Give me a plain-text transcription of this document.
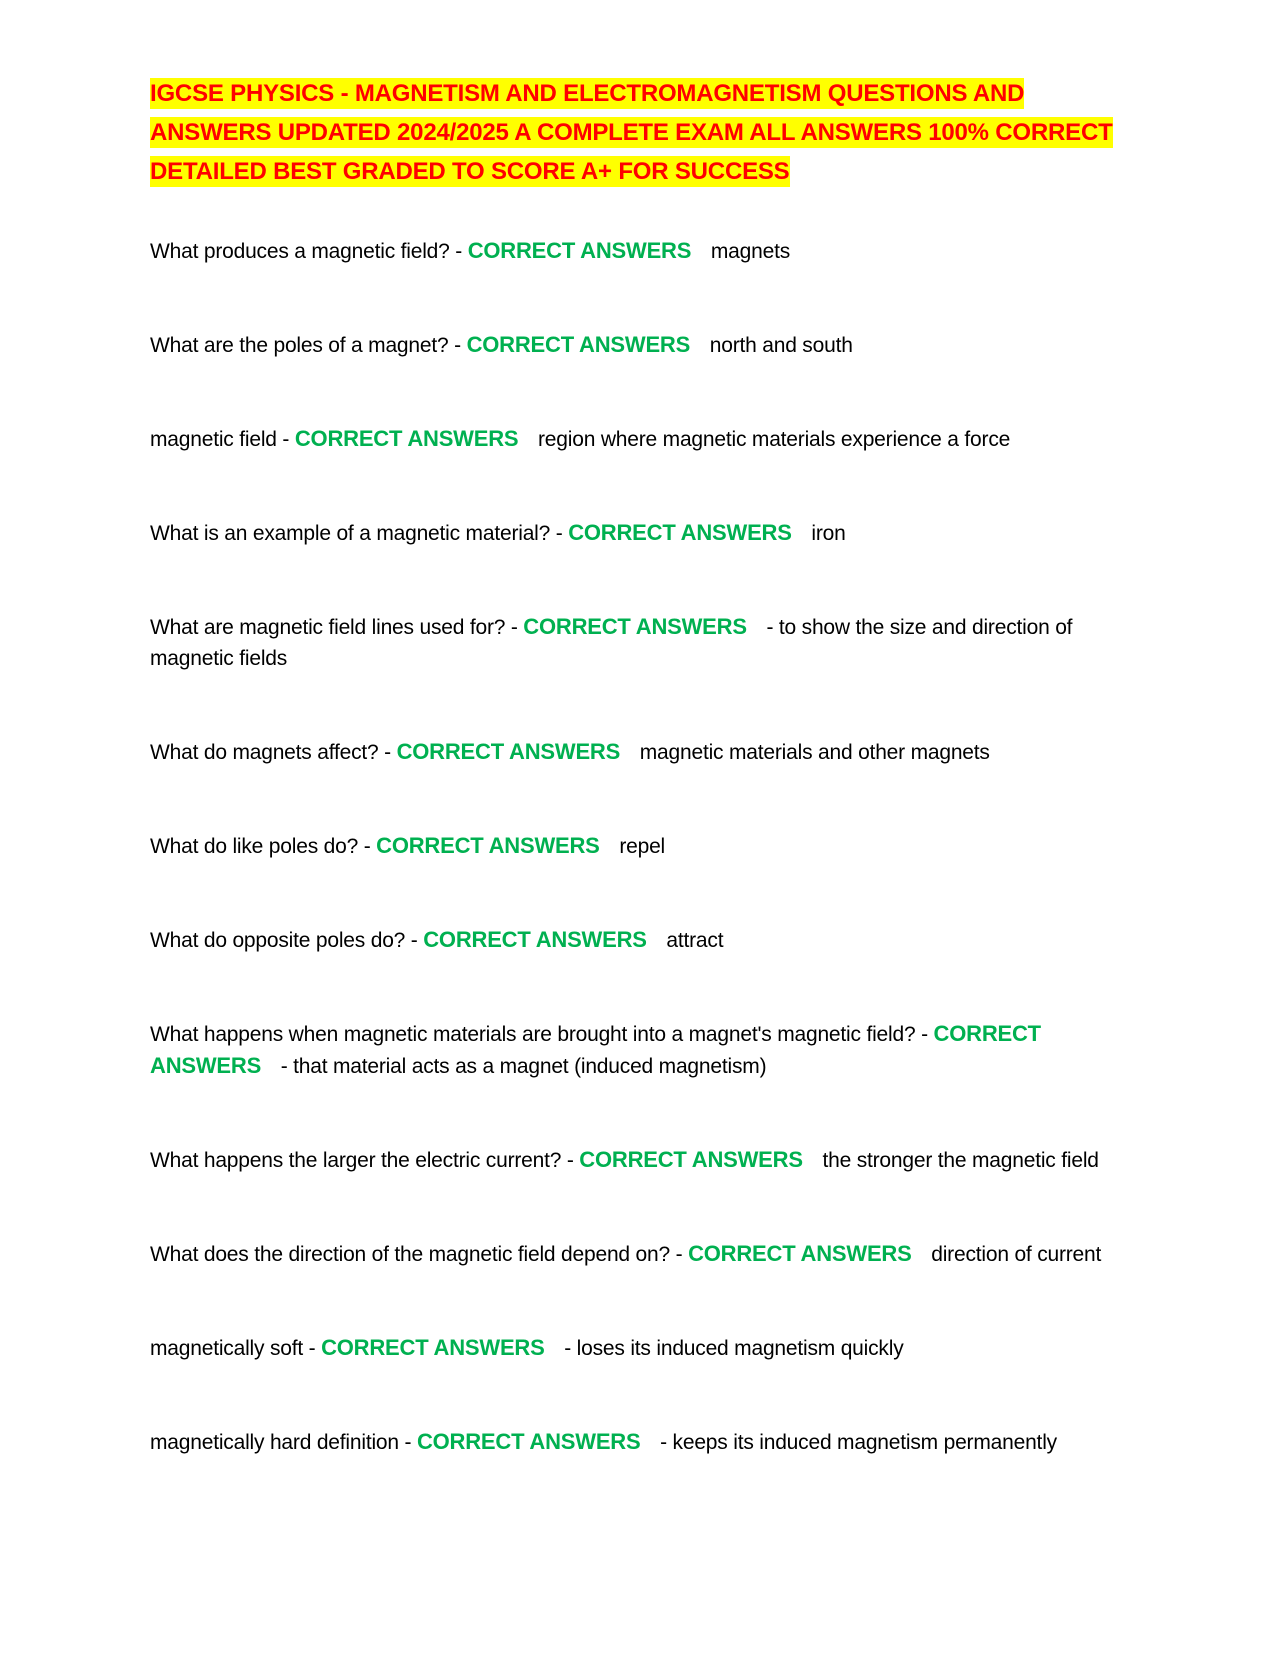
IGCSE PHYSICS - MAGNETISM AND ELECTROMAGNETISM QUESTIONS AND ANSWERS UPDATED 2024/2025 A COMPLETE EXAM ALL ANSWERS 100% CORRECT DETAILED BEST GRADED TO SCORE A+ FOR SUCCESS
What produces a magnetic field? - CORRECT ANSWERS magnets
What are the poles of a magnet? - CORRECT ANSWERS north and south
magnetic field - CORRECT ANSWERS region where magnetic materials experience a force
What is an example of a magnetic material? - CORRECT ANSWERS iron
What are magnetic field lines used for? - CORRECT ANSWERS - to show the size and direction of magnetic fields
What do magnets affect? - CORRECT ANSWERS magnetic materials and other magnets
What do like poles do? - CORRECT ANSWERS repel
What do opposite poles do? - CORRECT ANSWERS attract
What happens when magnetic materials are brought into a magnet's magnetic field? - CORRECT ANSWERS - that material acts as a magnet (induced magnetism)
What happens the larger the electric current? - CORRECT ANSWERS the stronger the magnetic field
What does the direction of the magnetic field depend on? - CORRECT ANSWERS direction of current
magnetically soft - CORRECT ANSWERS - loses its induced magnetism quickly
magnetically hard definition - CORRECT ANSWERS - keeps its induced magnetism permanently
